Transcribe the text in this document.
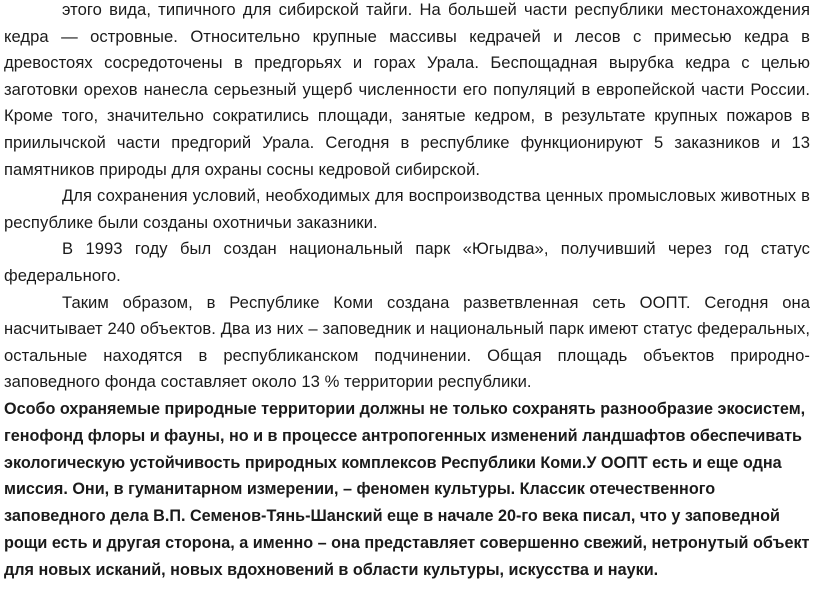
этого вида, типичного для сибирской тайги. На большей части республики местонахождения кедра — островные. Относительно крупные массивы кедрачей и лесов с примесью кедра в древостоях сосредоточены в предгорьях и горах Урала. Беспощадная вырубка кедра с целью заготовки орехов нанесла серьезный ущерб численности его популяций в европейской части России. Кроме того, значительно сократились площади, занятые кедром, в результате крупных пожаров в приилычской части предгорий Урала. Сегодня в республике функционируют 5 заказников и 13 памятников природы для охраны сосны кедровой сибирской.

Для сохранения условий, необходимых для воспроизводства ценных промысловых животных в республике были созданы охотничьи заказники.

В 1993 году был создан национальный парк «Югыдва», получивший через год статус федерального.

Таким образом, в Республике Коми создана разветвленная сеть ООПТ. Сегодня она насчитывает 240 объектов. Два из них – заповедник и национальный парк имеют статус федеральных, остальные находятся в республиканском подчинении. Общая площадь объектов природно-заповедного фонда составляет около 13 % территории республики.

Особо охраняемые природные территории должны не только сохранять разнообразие экосистем, генофонд флоры и фауны, но и в процессе антропогенных изменений ландшафтов обеспечивать экологическую устойчивость природных комплексов Республики Коми.У ООПТ есть и еще одна миссия. Они, в гуманитарном измерении, – феномен культуры. Классик отечественного заповедного дела В.П. Семенов-Тянь-Шанский еще в начале 20-го века писал, что у заповедной рощи есть и другая сторона, а именно – она представляет совершенно свежий, нетронутый объект для новых исканий, новых вдохновений в области культуры, искусства и науки.
